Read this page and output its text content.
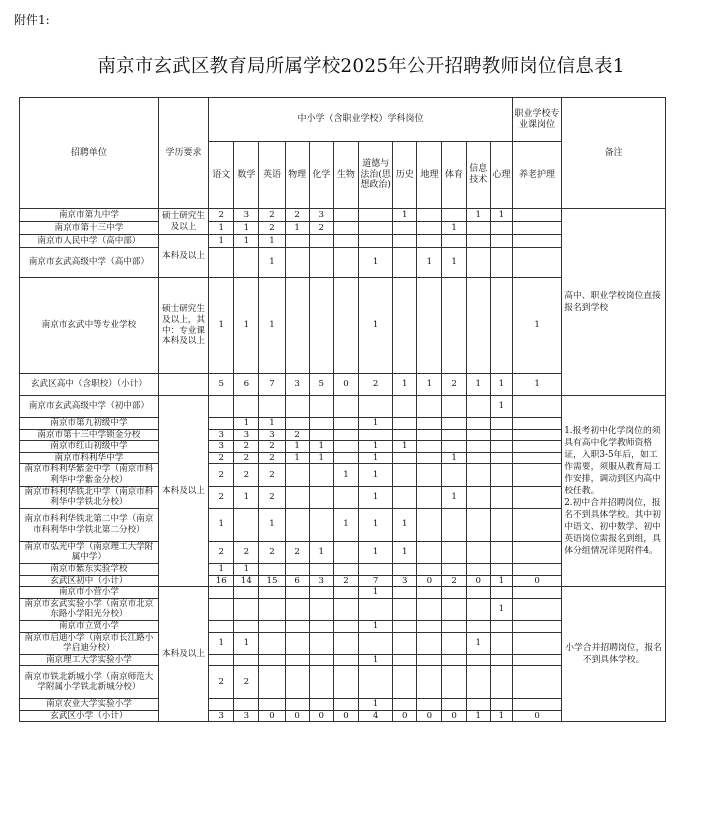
附件1:
南京市玄武区教育局所属学校2025年公开招聘教师岗位信息表1
招聘单位	学历要求	中小学（含职业学校）学科岗位												职业学校专业课岗位	备注
		语文	数学	英语	物理	化学	生物	道德与法治(思想政治)	历史	地理	体育	信息技术	心理	养老护理	
南京市第九中学	硕士研究生及以上	2	3	2	2	3			1			1	1		高中、职业学校岗位直接报名到学校
南京市第十三中学		1	1	2	1	2					1				
南京市人民中学（高中部）	本科及以上	1	1	1											
南京市玄武高级中学（高中部）				1				1		1	1				
南京市玄武中等专业学校	硕士研究生及以上，其中：专业课本科及以上	1	1	1				1						1	
玄武区高中（含职校）（小计）		5	6	7	3	5	0	2	1	1	2	1	1	1	
南京市玄武高级中学（初中部）	本科及以上												1		1.报考初中化学岗位的须具有高中化学教师资格证，入职3-5年后，如工作需要，须服从教育局工作安排，调动到区内高中校任教。
2.初中合并招聘岗位，报名不到具体学校。其中初中语文、初中数学、初中英语岗位需报名到组，具体分组情况详见附件4。
南京市第九初级中学			1	1				1							
南京市第十三中学锁金分校		3	3	3	2										
南京市红山初级中学		3	2	2	1	1		1	1						
南京市科利华中学		2	2	2	1	1		1			1				
南京市科利华紫金中学（南京市科利华中学紫金分校）		2	2	2			1	1							
南京市科利华铁北中学（南京市科利华中学铁北分校）		2	1	2				1			1				
南京市科利华铁北第二中学（南京市科利华中学铁北第二分校）		1		1			1	1	1						
南京市弘光中学（南京理工大学附属中学）		2	2	2	2	1		1	1						
南京市紫东实验学校		1	1												
玄武区初中（小计）		16	14	15	6	3	2	7	3	0	2	0	1	0	
南京市小营小学	本科及以上							1							小学合并招聘岗位，报名不到具体学校。
南京市玄武实验小学（南京市北京东路小学阳光分校）													1		
南京市立贤小学								1							
南京市启迪小学（南京市长江路小学启迪分校）		1	1									1			
南京理工大学实验小学								1							
南京市铁北新城小学（南京师范大学附属小学铁北新城分校）		2	2												
南京农业大学实验小学								1							
玄武区小学（小计）		3	3	0	0	0	0	4	0	0	0	1	1	0	
